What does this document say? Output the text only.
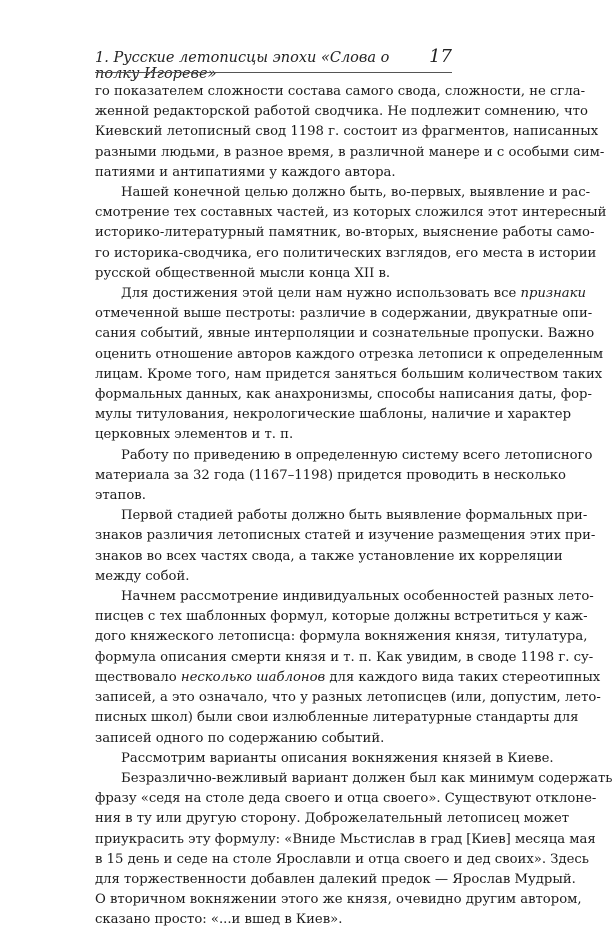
1. Русские летописцы эпохи «Слова о полку Игореве»
17

го показателем сложности состава самого свода, сложности, не сгла-
женной редакторской работой сводчика. Не подлежит сомнению, что
Киевский летописный свод 1198 г. состоит из фрагментов, написанных
разными людьми, в разное время, в различной манере и с особыми сим-
патиями и антипатиями у каждого автора.

Нашей конечной целью должно быть, во-первых, выявление и рас-
смотрение тех составных частей, из которых сложился этот интересный
историко-литературный памятник, во-вторых, выяснение работы само-
го историка-сводчика, его политических взглядов, его места в истории
русской общественной мысли конца XII в.

Для достижения этой цели нам нужно использовать все признаки
отмеченной выше пестроты: различие в содержании, двукратные опи-
сания событий, явные интерполяции и сознательные пропуски. Важно
оценить отношение авторов каждого отрезка летописи к определенным
лицам. Кроме того, нам придется заняться большим количеством таких
формальных данных, как анахронизмы, способы написания даты, фор-
мулы титулования, некрологические шаблоны, наличие и характер
церковных элементов и т. п.

Работу по приведению в определенную систему всего летописного
материала за 32 года (1167–1198) придется проводить в несколько
этапов.

Первой стадией работы должно быть выявление формальных при-
знаков различия летописных статей и изучение размещения этих при-
знаков во всех частях свода, а также установление их корреляции
между собой.

Начнем рассмотрение индивидуальных особенностей разных лето-
писцев с тех шаблонных формул, которые должны встретиться у каж-
дого княжеского летописца: формула вокняжения князя, титулатура,
формула описания смерти князя и т. п. Как увидим, в своде 1198 г. су-
ществовало несколько шаблонов для каждого вида таких стереотипных
записей, а это означало, что у разных летописцев (или, допустим, лето-
писных школ) были свои излюбленные литературные стандарты для
записей одного по содержанию событий.

Рассмотрим варианты описания вокняжения князей в Киеве.

Безразлично-вежливый вариант должен был как минимум содержать
фразу «седя на столе деда своего и отца своего». Существуют отклоне-
ния в ту или другую сторону. Доброжелательный летописец может
приукрасить эту формулу: «Вниде Мьстислав в град [Киев] месяца мая
в 15 день и седе на столе Ярославли и отца своего и дед своих». Здесь
для торжественности добавлен далекий предок — Ярослав Мудрый.
О вторичном вокняжении этого же князя, очевидно другим автором,
сказано просто: «...и вшед в Киев».
